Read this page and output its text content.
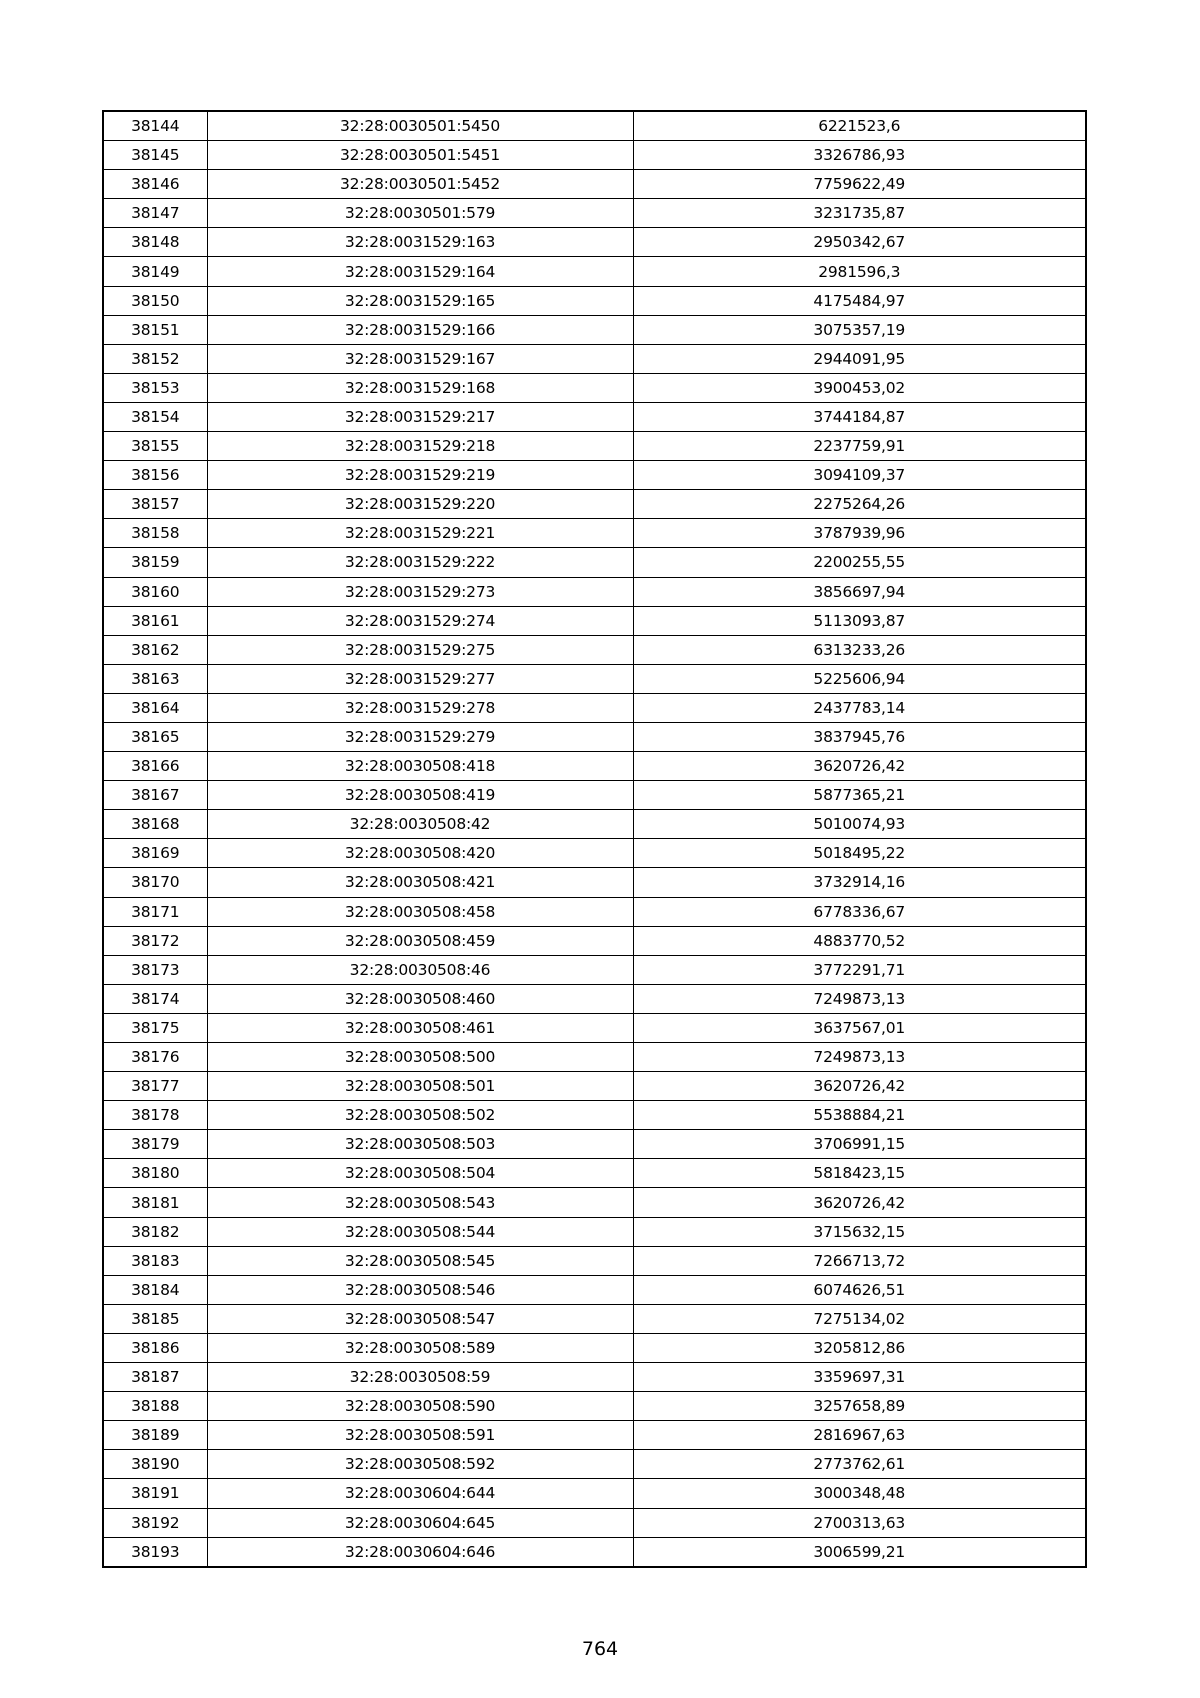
38144	32:28:0030501:5450	6221523,6
38145	32:28:0030501:5451	3326786,93
38146	32:28:0030501:5452	7759622,49
38147	32:28:0030501:579	3231735,87
38148	32:28:0031529:163	2950342,67
38149	32:28:0031529:164	2981596,3
38150	32:28:0031529:165	4175484,97
38151	32:28:0031529:166	3075357,19
38152	32:28:0031529:167	2944091,95
38153	32:28:0031529:168	3900453,02
38154	32:28:0031529:217	3744184,87
38155	32:28:0031529:218	2237759,91
38156	32:28:0031529:219	3094109,37
38157	32:28:0031529:220	2275264,26
38158	32:28:0031529:221	3787939,96
38159	32:28:0031529:222	2200255,55
38160	32:28:0031529:273	3856697,94
38161	32:28:0031529:274	5113093,87
38162	32:28:0031529:275	6313233,26
38163	32:28:0031529:277	5225606,94
38164	32:28:0031529:278	2437783,14
38165	32:28:0031529:279	3837945,76
38166	32:28:0030508:418	3620726,42
38167	32:28:0030508:419	5877365,21
38168	32:28:0030508:42	5010074,93
38169	32:28:0030508:420	5018495,22
38170	32:28:0030508:421	3732914,16
38171	32:28:0030508:458	6778336,67
38172	32:28:0030508:459	4883770,52
38173	32:28:0030508:46	3772291,71
38174	32:28:0030508:460	7249873,13
38175	32:28:0030508:461	3637567,01
38176	32:28:0030508:500	7249873,13
38177	32:28:0030508:501	3620726,42
38178	32:28:0030508:502	5538884,21
38179	32:28:0030508:503	3706991,15
38180	32:28:0030508:504	5818423,15
38181	32:28:0030508:543	3620726,42
38182	32:28:0030508:544	3715632,15
38183	32:28:0030508:545	7266713,72
38184	32:28:0030508:546	6074626,51
38185	32:28:0030508:547	7275134,02
38186	32:28:0030508:589	3205812,86
38187	32:28:0030508:59	3359697,31
38188	32:28:0030508:590	3257658,89
38189	32:28:0030508:591	2816967,63
38190	32:28:0030508:592	2773762,61
38191	32:28:0030604:644	3000348,48
38192	32:28:0030604:645	2700313,63
38193	32:28:0030604:646	3006599,21
764
